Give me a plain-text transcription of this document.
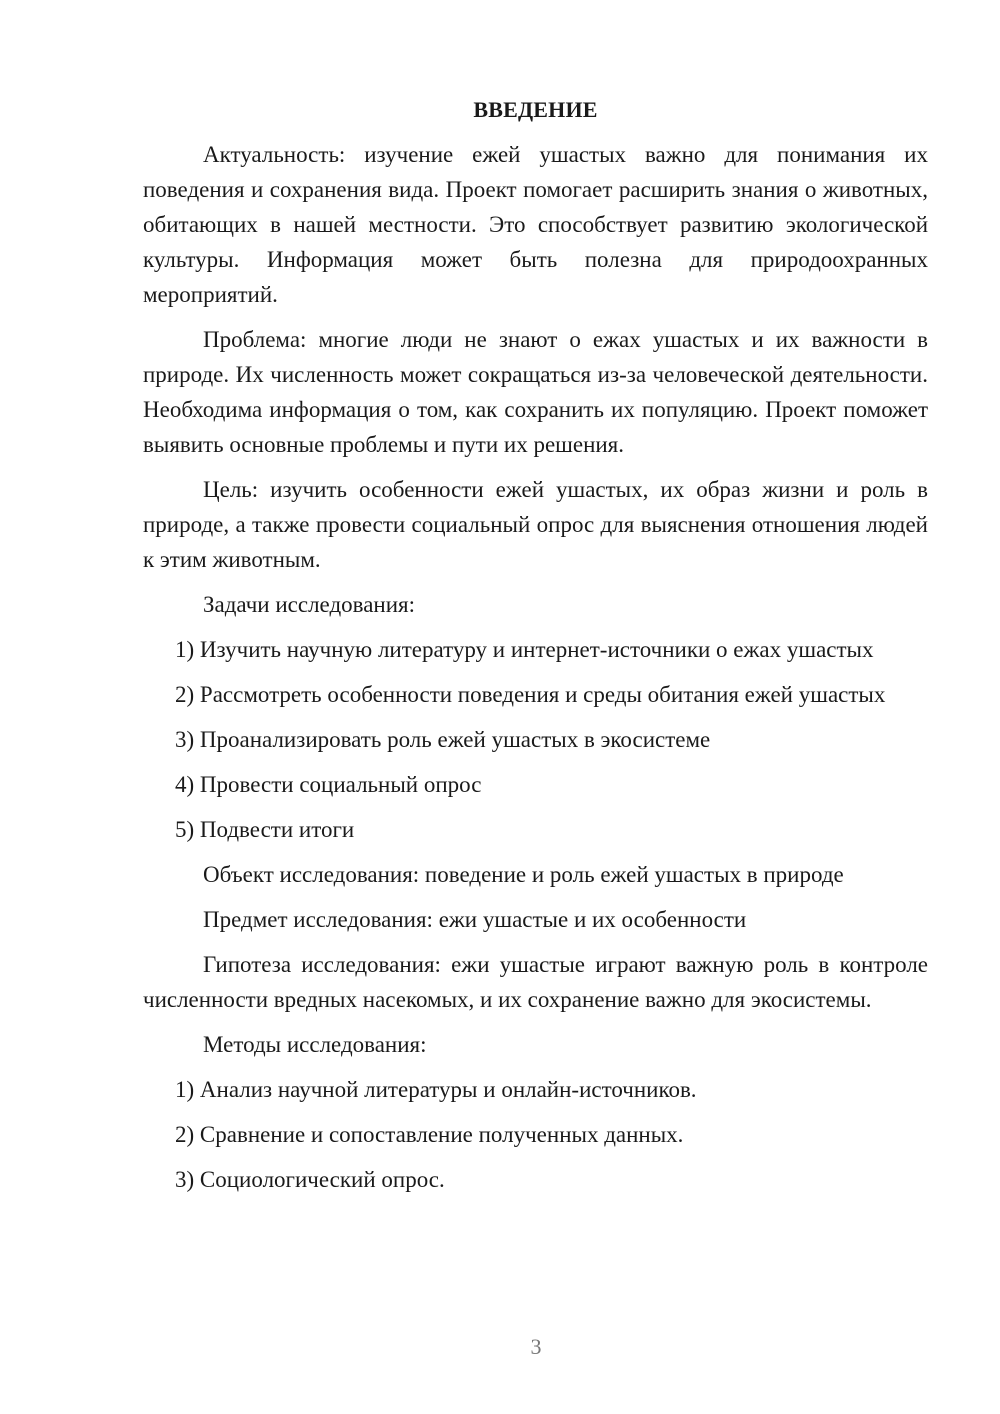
ВВЕДЕНИЕ

Актуальность: изучение ежей ушастых важно для понимания их поведения и сохранения вида. Проект помогает расширить знания о животных, обитающих в нашей местности. Это способствует развитию экологической культуры. Информация может быть полезна для природоохранных мероприятий.

Проблема: многие люди не знают о ежах ушастых и их важности в природе. Их численность может сокращаться из-за человеческой деятельности. Необходима информация о том, как сохранить их популяцию. Проект поможет выявить основные проблемы и пути их решения.

Цель: изучить особенности ежей ушастых, их образ жизни и роль в природе, а также провести социальный опрос для выяснения отношения людей к этим животным.

Задачи исследования:

1) Изучить научную литературу и интернет-источники о ежах ушастых

2) Рассмотреть особенности поведения и среды обитания ежей ушастых

3) Проанализировать роль ежей ушастых в экосистеме

4) Провести социальный опрос

5) Подвести итоги

Объект исследования: поведение и роль ежей ушастых в природе

Предмет исследования: ежи ушастые и их особенности

Гипотеза исследования: ежи ушастые играют важную роль в контроле численности вредных насекомых, и их сохранение важно для экосистемы.

Методы исследования:

1) Анализ научной литературы и онлайн-источников.

2) Сравнение и сопоставление полученных данных.

3) Социологический опрос.

3
